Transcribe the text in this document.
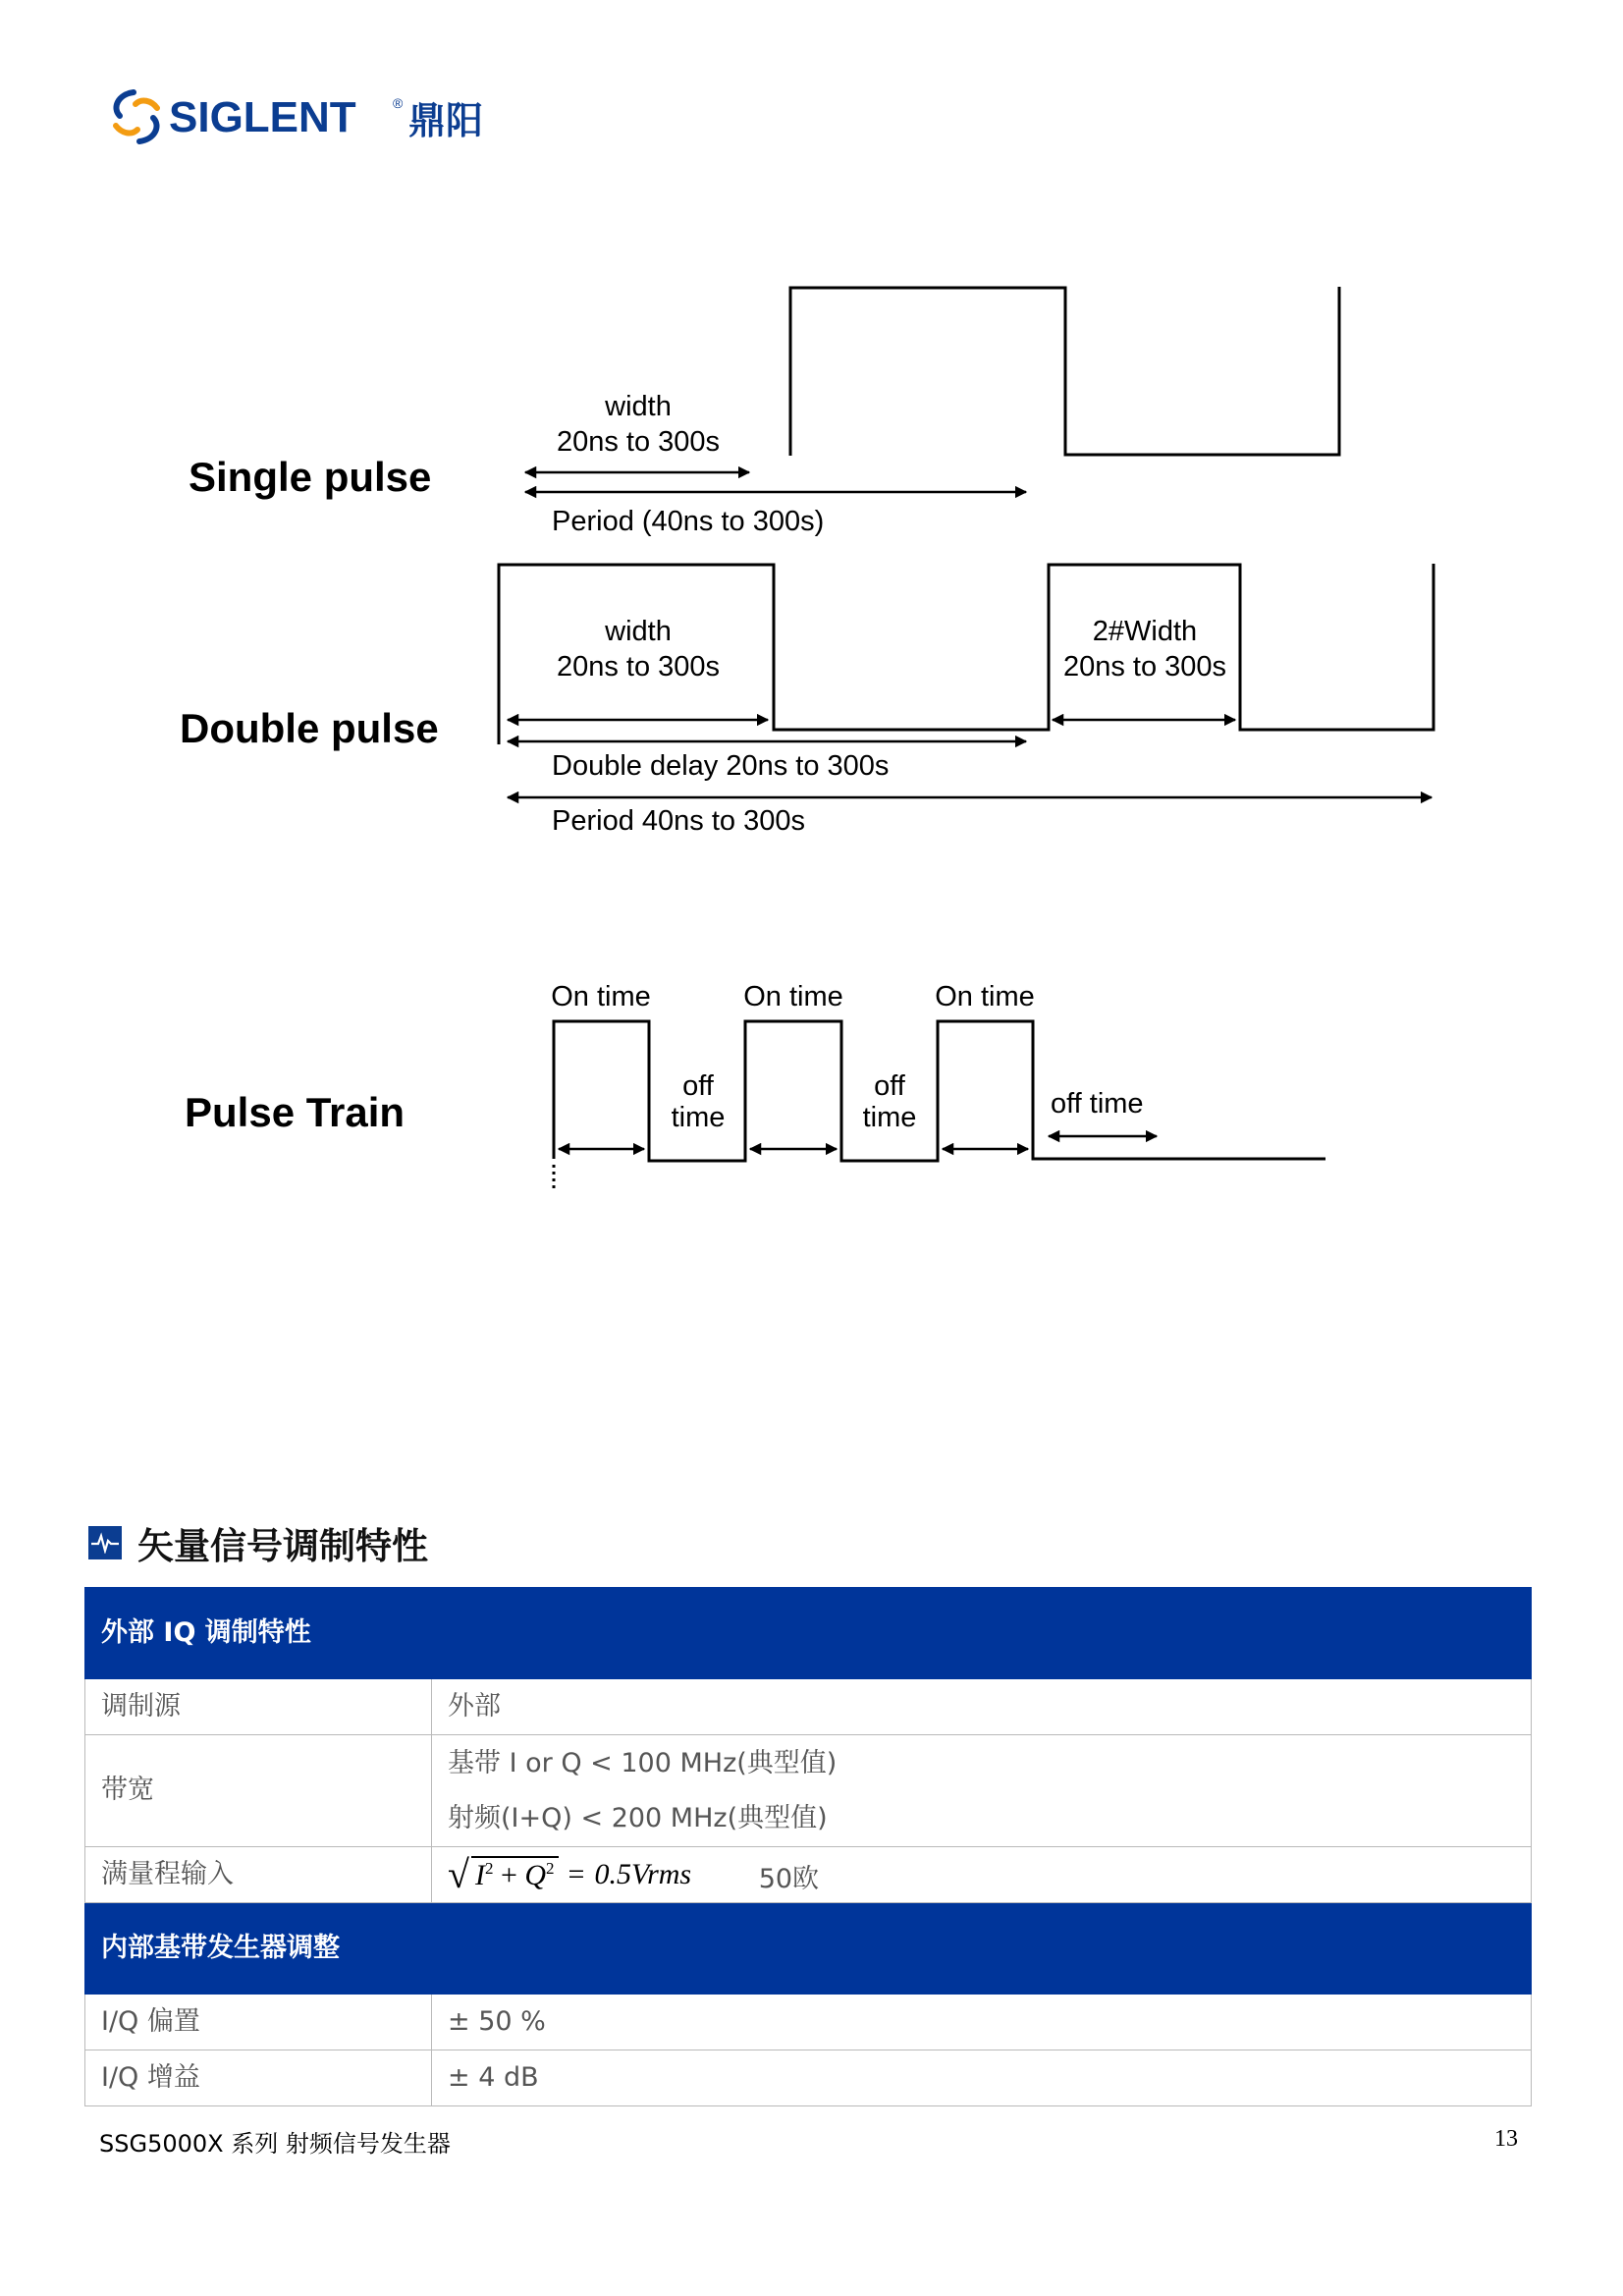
SIGLENT	® 鼎阳
Single pulse
width
20ns to 300s
Period (40ns to 300s)
Double pulse
width
20ns to 300s
2#Width
20ns to 300s
Double delay 20ns to 300s
Period 40ns to 300s
Pulse Train
On time	On time	On time
off
time
off
time	off time
矢量信号调制特性
外部 IQ 调制特性	
调制源	外部
带宽	基带 I or Q < 100 MHz(典型值)
射频(I+Q) < 200 MHz(典型值)

满量程输入	√ $I^2 + Q^2$ = 0.5Vrms 50欧
内部基带发生器调整	
I/Q 偏置	± 50 %
I/Q 增益	± 4 dB
SSG5000X 系列 射频信号发生器	13
